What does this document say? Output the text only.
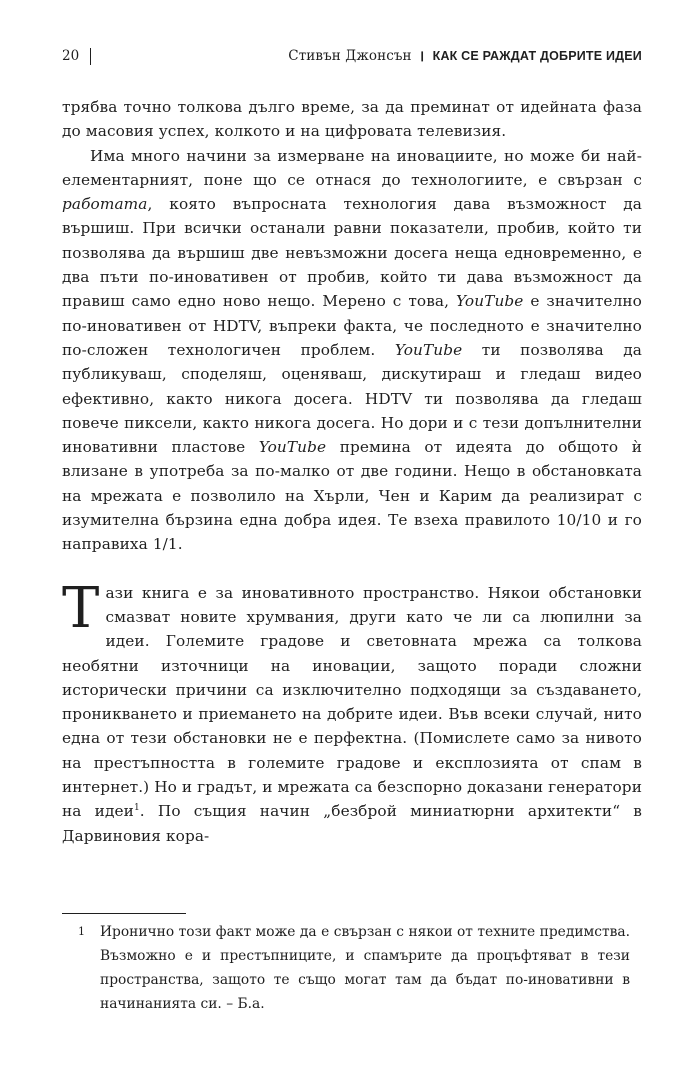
20	Стивън Джонсън ❙ КАК СЕ РАЖДАТ ДОБРИТЕ ИДЕИ

трябва точно толкова дълго време, за да преминат от идейната фаза до масовия успех, колкото и на цифровата телевизия.

Има много начини за измерване на иновациите, но може би най-елементарният, поне що се отнася до технологиите, е свързан с работата, която въпросната технология дава възможност да вършиш. При всички останали равни показатели, пробив, който ти позволява да вършиш две невъзможни досега неща едновременно, е два пъти по-иновативен от пробив, който ти дава възможност да правиш само едно ново нещо. Мерено с това, YouTube е значително по-иновативен от HDTV, въпреки факта, че последното е значително по-сложен технологичен проблем. YouTube ти позволява да публикуваш, споделяш, оценяваш, дискутираш и гледаш видео ефективно, както никога досега. HDTV ти позволява да гледаш повече пиксели, както никога досега. Но дори и с тези допълнителни иновативни пластове YouTube премина от идеята до общото ѝ влизане в употреба за по-малко от две години. Нещо в обстановката на мрежата е позволило на Хърли, Чен и Карим да реализират с изумителна бързина една добра идея. Те взеха правилото 10/10 и го направиха 1/1.

Тази книга е за иновативното пространство. Някои обстановки смазват новите хрумвания, други като че ли са люпилни за идеи. Големите градове и световната мрежа са толкова необятни източници на иновации, защото поради сложни исторически причини са изключително подходящи за създаването, проникването и приемането на добрите идеи. Във всеки случай, нито една от тези обстановки не е перфектна. (Помислете само за нивото на престъпността в големите градове и експлозията от спам в интернет.) Но и градът, и мрежата са безспорно доказани генератори на идеи$^1$. По същия начин „безброй миниатюрни архитекти“ в Дарвиновия кора-

1	Иронично този факт може да е свързан с някои от техните предимства. Възможно е и престъпниците, и спамърите да процъфтяват в тези пространства, защото те също могат там да бъдат по-иновативни в начинанията си. – Б.а.
